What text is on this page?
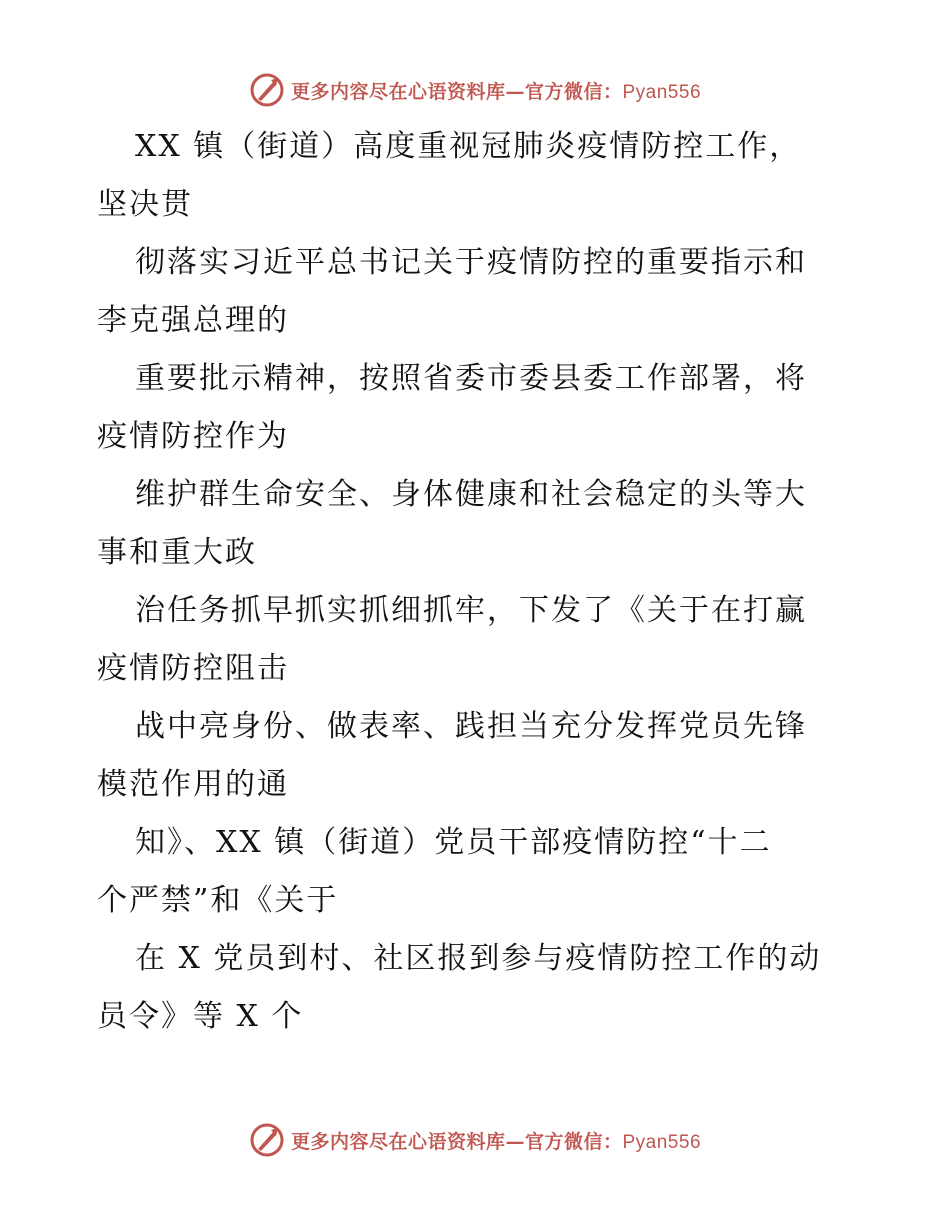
更多内容尽在心语资料库—官方微信：Pyan556
XX 镇（街道）高度重视冠肺炎疫情防控工作，
坚决贯
彻落实习近平总书记关于疫情防控的重要指示和
李克强总理的
重要批示精神，按照省委市委县委工作部署，将
疫情防控作为
维护群生命安全、身体健康和社会稳定的头等大
事和重大政
治任务抓早抓实抓细抓牢，下发了《关于在打赢
疫情防控阻击
战中亮身份、做表率、践担当充分发挥党员先锋
模范作用的通
知》、XX 镇（街道）党员干部疫情防控“十二
个严禁”和《关于
在 X 党员到村、社区报到参与疫情防控工作的动
员令》等 X 个
更多内容尽在心语资料库—官方微信：Pyan556
